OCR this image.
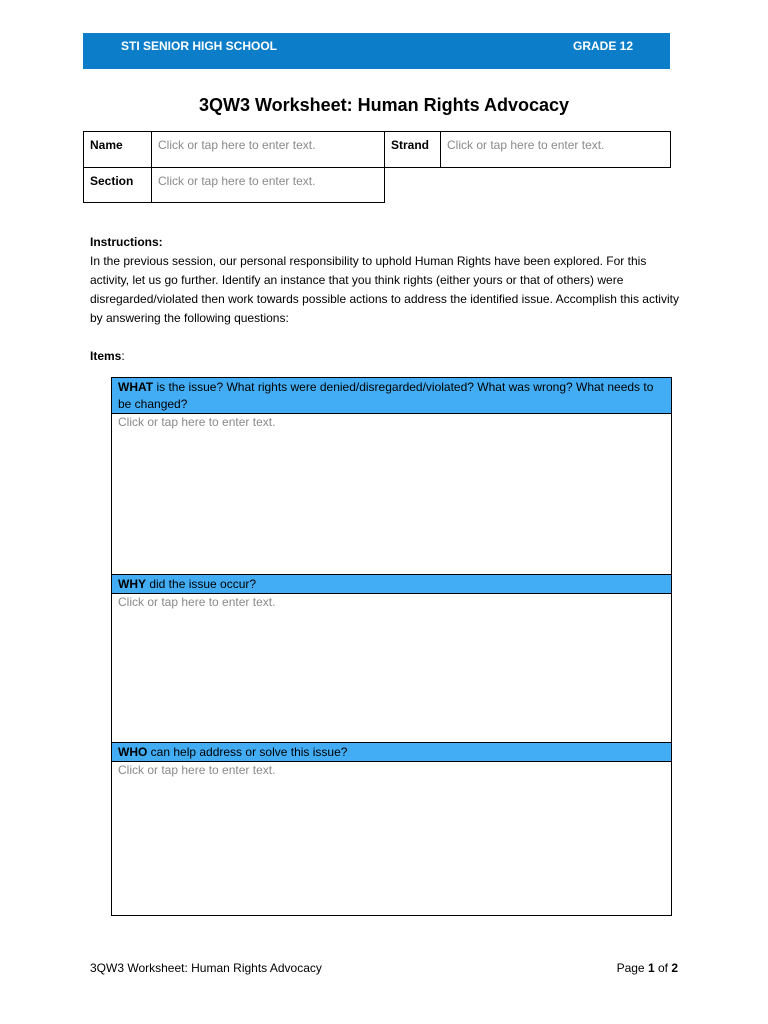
STI SENIOR HIGH SCHOOL	GRADE 12
3QW3 Worksheet: Human Rights Advocacy
Name	Click or tap here to enter text.	Strand	Click or tap here to enter text.
Section	Click or tap here to enter text.
Instructions:
In the previous session, our personal responsibility to uphold Human Rights have been explored. For this activity, let us go further. Identify an instance that you think rights (either yours or that of others) were disregarded/violated then work towards possible actions to address the identified issue. Accomplish this activity by answering the following questions:
Items:
WHAT is the issue? What rights were denied/disregarded/violated? What was wrong? What needs to be changed?
Click or tap here to enter text.
WHY did the issue occur?
Click or tap here to enter text.
WHO can help address or solve this issue?
Click or tap here to enter text.
3QW3 Worksheet: Human Rights Advocacy	Page 1 of 2
